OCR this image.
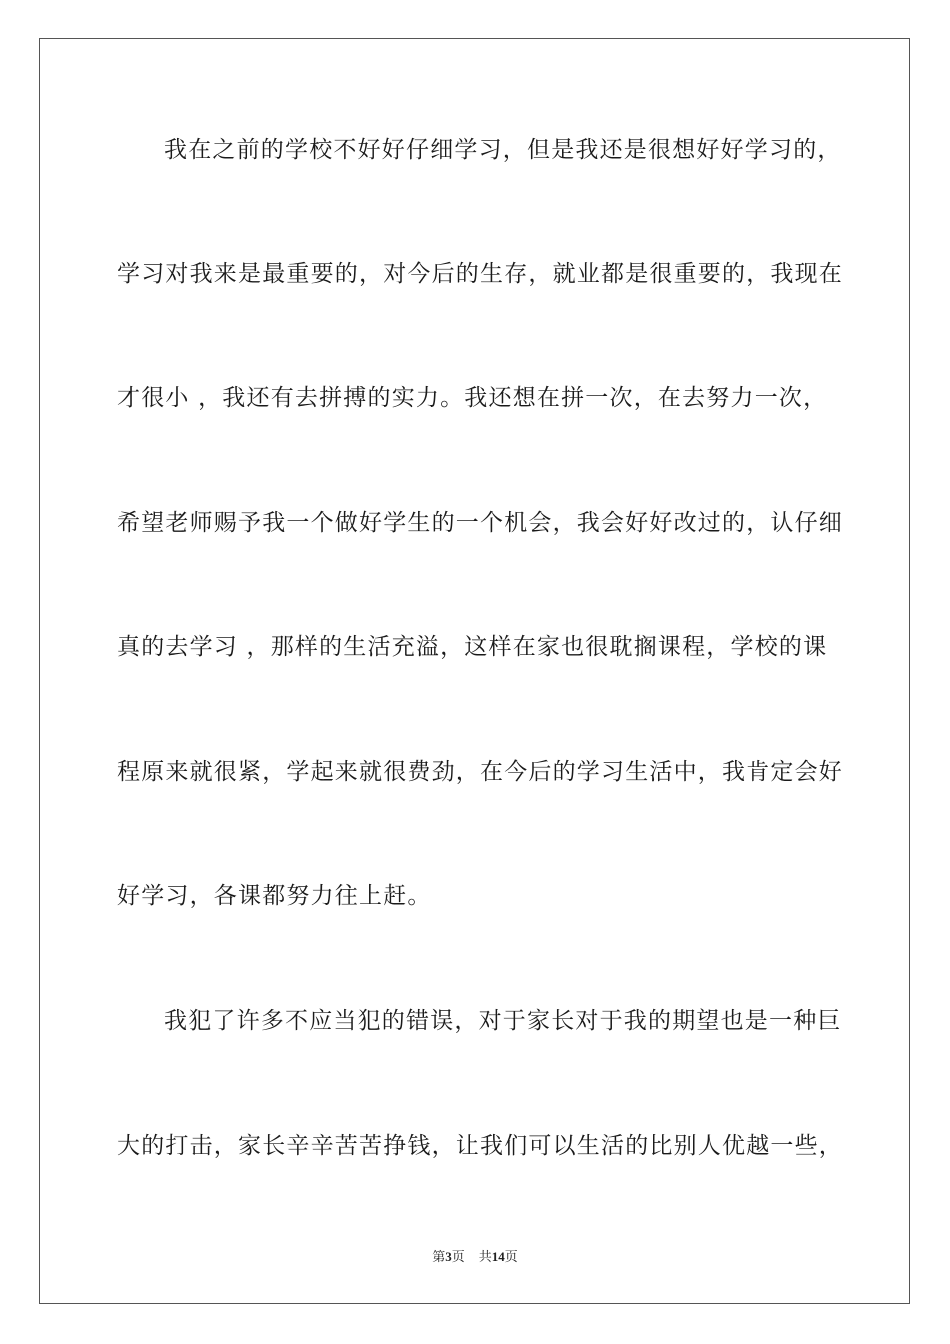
我在之前的学校不好好仔细学习，但是我还是很想好好学习的，
学习对我来是最重要的，对今后的生存，就业都是很重要的，我现在
才很小 ，我还有去拼搏的实力。我还想在拼一次，在去努力一次，
希望老师赐予我一个做好学生的一个机会，我会好好改过的，认仔细
真的去学习 ，那样的生活充溢，这样在家也很耽搁课程，学校的课
程原来就很紧，学起来就很费劲，在今后的学习生活中，我肯定会好
好学习，各课都努力往上赶。
我犯了许多不应当犯的错误，对于家长对于我的期望也是一种巨
大的打击，家长辛辛苦苦挣钱，让我们可以生活的比别人优越一些，
第3页 共14页
